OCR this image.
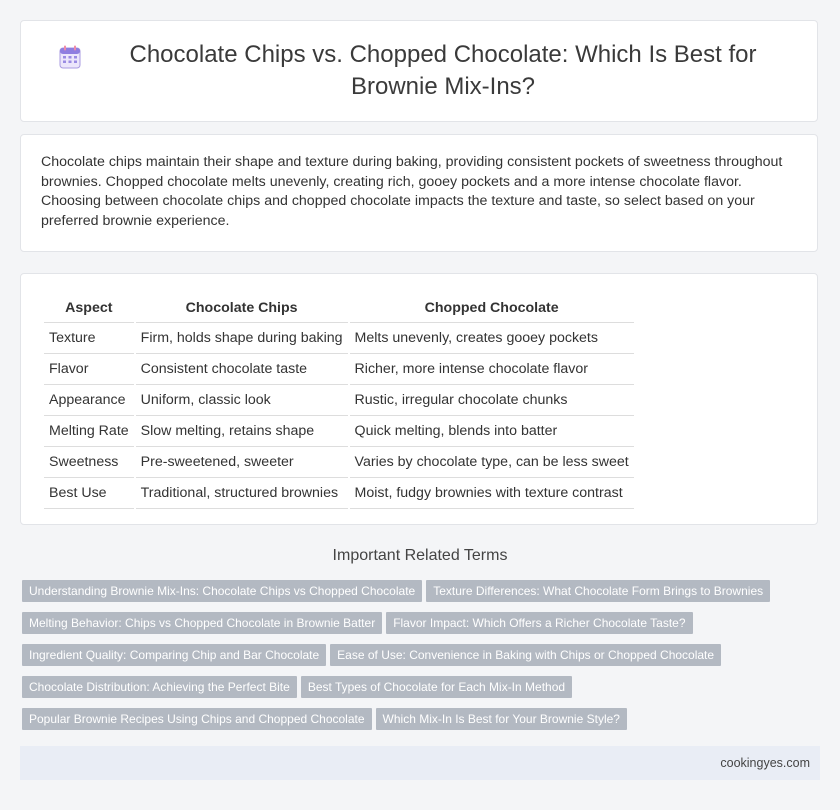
Chocolate Chips vs. Chopped Chocolate: Which Is Best for Brownie Mix-Ins?
Chocolate chips maintain their shape and texture during baking, providing consistent pockets of sweetness throughout brownies. Chopped chocolate melts unevenly, creating rich, gooey pockets and a more intense chocolate flavor. Choosing between chocolate chips and chopped chocolate impacts the texture and taste, so select based on your preferred brownie experience.
Aspect	Chocolate Chips	Chopped Chocolate
Texture	Firm, holds shape during baking	Melts unevenly, creates gooey pockets
Flavor	Consistent chocolate taste	Richer, more intense chocolate flavor
Appearance	Uniform, classic look	Rustic, irregular chocolate chunks
Melting Rate	Slow melting, retains shape	Quick melting, blends into batter
Sweetness	Pre-sweetened, sweeter	Varies by chocolate type, can be less sweet
Best Use	Traditional, structured brownies	Moist, fudgy brownies with texture contrast
Important Related Terms
Understanding Brownie Mix-Ins: Chocolate Chips vs Chopped Chocolate Texture Differences: What Chocolate Form Brings to Brownies
Melting Behavior: Chips vs Chopped Chocolate in Brownie Batter Flavor Impact: Which Offers a Richer Chocolate Taste?
Ingredient Quality: Comparing Chip and Bar Chocolate Ease of Use: Convenience in Baking with Chips or Chopped Chocolate
Chocolate Distribution: Achieving the Perfect Bite Best Types of Chocolate for Each Mix-In Method
Popular Brownie Recipes Using Chips and Chopped Chocolate Which Mix-In Is Best for Your Brownie Style?
cookingyes.com
